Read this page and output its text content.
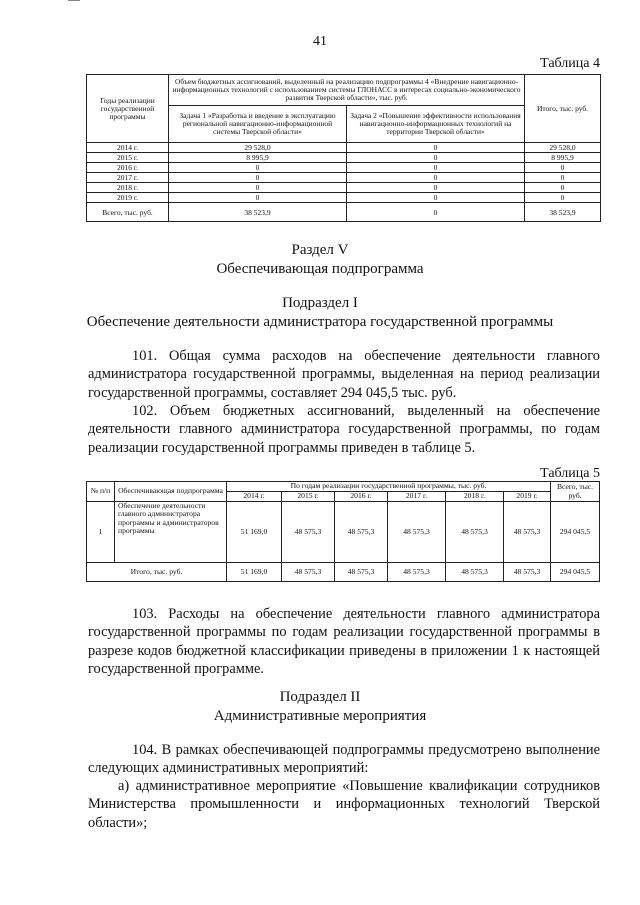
41
Таблица 4
Годы реализации государственной программы	Объем бюджетных ассигнований, выделенный на реализацию подпрограммы 4 «Внедрение навигационно-информационных технологий с использованием системы ГЛОНАСС в интересах социально-экономического развития Тверской области», тыс. руб.		Итого, тыс. руб.
	Задача 1 «Разработка и введение в эксплуатацию региональной навигационно-информационной системы Тверской области»	Задача 2 «Повышение эффективности использования навигационно-информационных технологий на территории Тверской области»	
2014 г.	29 528,0	0	29 528,0
2015 г.	8 995,9	0	8 995,9
2016 г.	0	0	0
2017 г.	0	0	0
2018 г.	0	0	0
2019 г.	0	0	0
Всего, тыс. руб.	38 523,9	0	38 523,9
Раздел V
Обеспечивающая подпрограмма
Подраздел I
Обеспечение деятельности администратора государственной программы
101. Общая сумма расходов на обеспечение деятельности главного администратора государственной программы, выделенная на период реализации государственной программы, составляет 294 045,5 тыс. руб.
102. Объем бюджетных ассигнований, выделенный на обеспечение деятельности главного администратора государственной программы, по годам реализации государственной программы приведен в таблице 5.
Таблица 5
№ п/п	Обеспечивающая подпрограмма	По годам реализации государственной программы, тыс. руб.						Всего, тыс. руб.
		2014 г.	2015 г.	2016 г.	2017 г.	2018 г.	2019 г.	
1	Обеспечение деятельности главного администратора программы и администраторов программы	51 169,0	48 575,3	48 575,3	48 575,3	48 575,3	48 575,3	294 045,5
Итого, тыс. руб.		51 169,0	48 575,3	48 575,3	48 575,3	48 575,3	48 575,3	294 045,5
103. Расходы на обеспечение деятельности главного администратора государственной программы по годам реализации государственной программы в разрезе кодов бюджетной классификации приведены в приложении 1 к настоящей государственной программе.
Подраздел II
Административные мероприятия
104. В рамках обеспечивающей подпрограммы предусмотрено выполнение следующих административных мероприятий:
а) административное мероприятие «Повышение квалификации сотрудников Министерства промышленности и информационных технологий Тверской области»;
